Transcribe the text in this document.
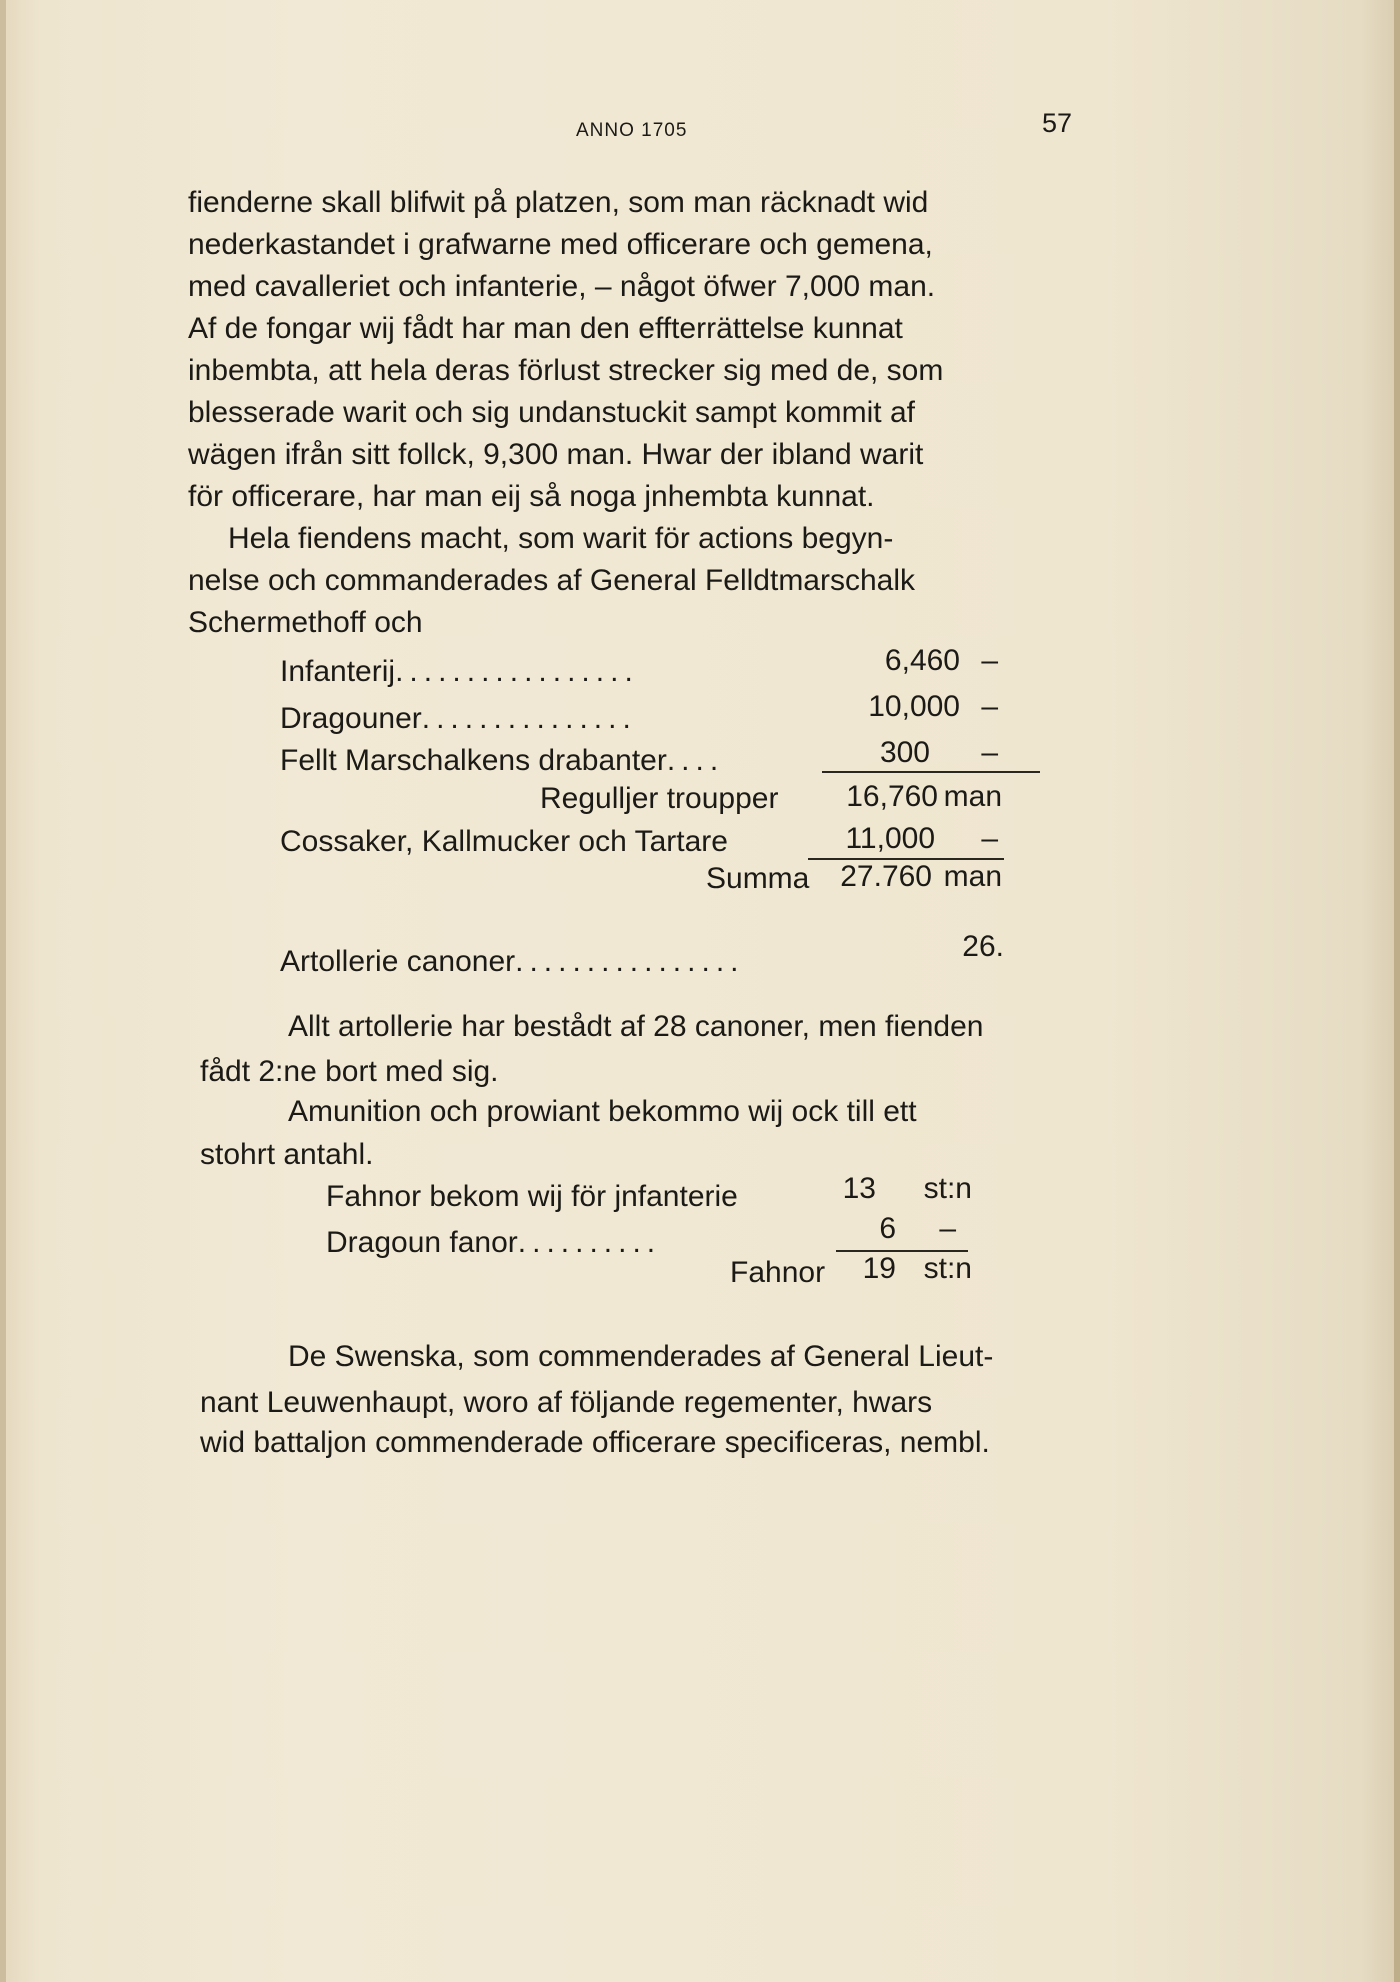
ANNO 1705	57
fienderne skall blifwit på platzen, som man räcknadt wid
nederkastandet i grafwarne med officerare och gemena,
med cavalleriet och infanterie, – något öfwer 7,000 man.
Af de fongar wij fådt har man den effterrättelse kunnat
inbembta, att hela deras förlust strecker sig med de, som
blesserade warit och sig undanstuckit sampt kommit af
wägen ifrån sitt follck, 9,300 man. Hwar der ibland warit
för officerare, har man eij så noga jnhembta kunnat.
Hela fiendens macht, som warit för actions begyn-
nelse och commanderades af General Felldtmarschalk
Schermethoff och
Infanterij.................	6,460 –
Dragouner...............	10,000 –
Fellt Marschalkens drabanter....	300	–
Regulljer troupper	16,760 man
Cossaker, Kallmucker och Tartare	11,000	–
Summa	27.760 man
Artollerie canoner................	26.
Allt artollerie har bestådt af 28 canoner, men fienden
fådt 2:ne bort med sig.
Amunition och prowiant bekommo wij ock till ett
stohrt antahl.
Fahnor bekom wij för jnfanterie	13	st:n
Dragoun fanor..........	6	–
Fahnor	19 st:n
De Swenska, som commenderades af General Lieut-
nant Leuwenhaupt, woro af följande regementer, hwars
wid battaljon commenderade officerare specificeras, nembl.
